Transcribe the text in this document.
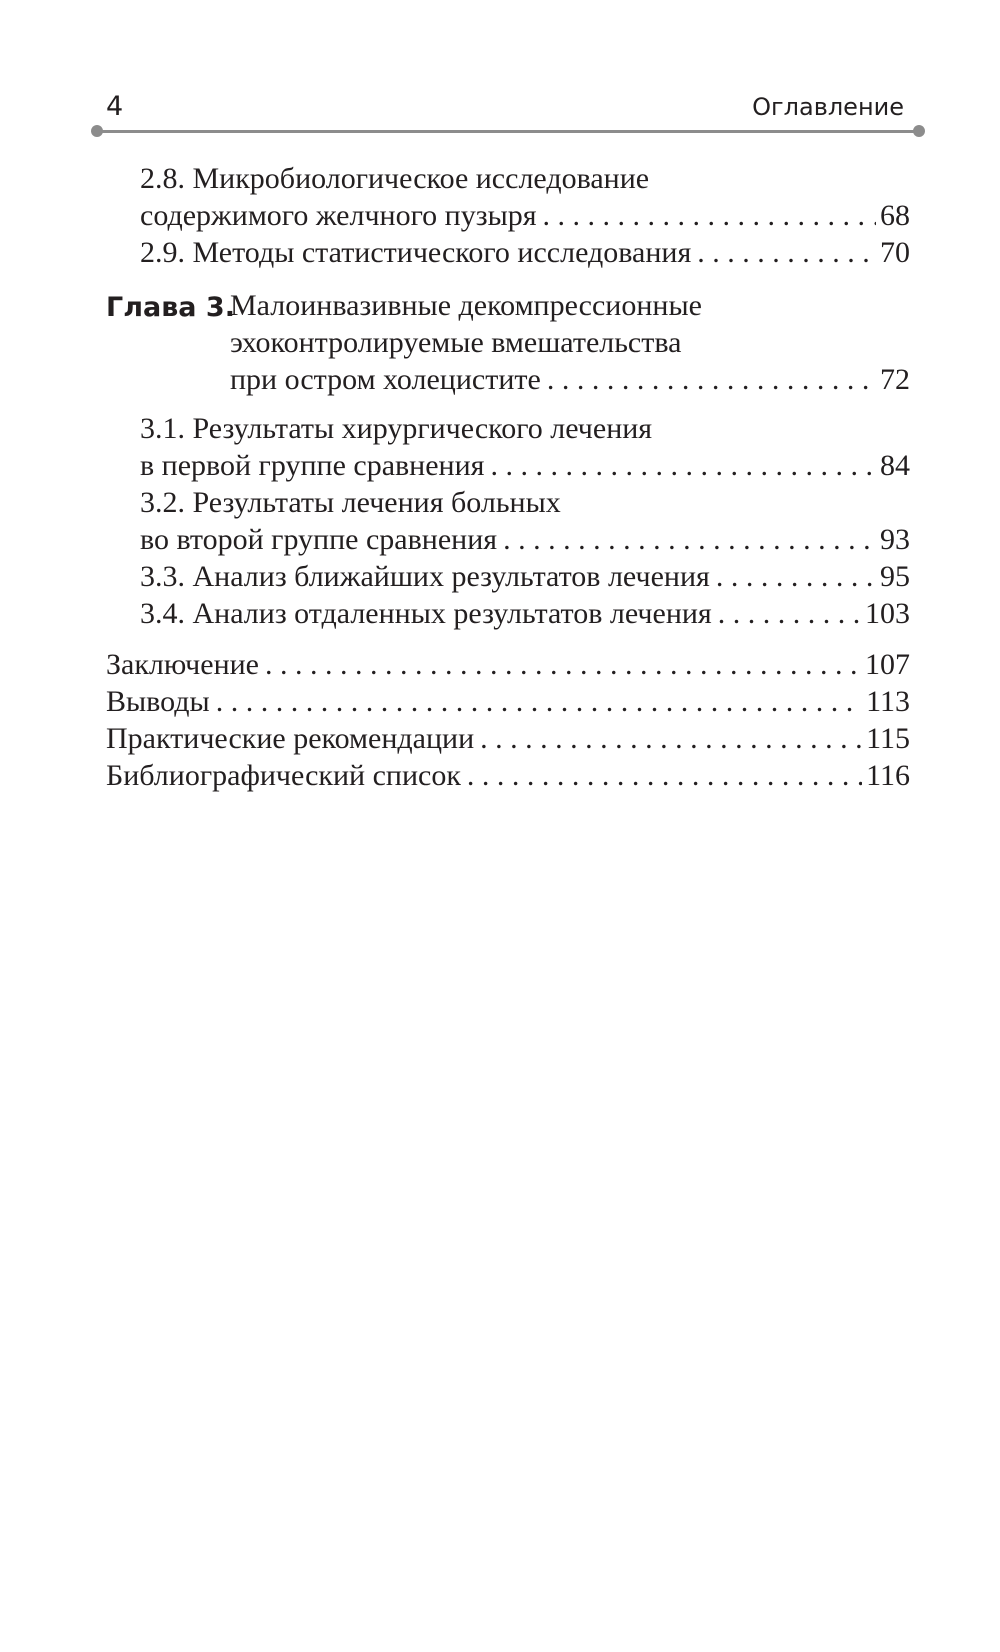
4	Оглавление
2.8. Микробиологическое исследование
содержимого желчного пузыря . . .	68
2.9. Методы статистического исследования . . .	70
Глава 3.
Малоинвазивные декомпрессионные
эхоконтролируемые вмешательства
при остром холецистите . . .	72
3.1. Результаты хирургического лечения
в первой группе сравнения . . .	84
3.2. Результаты лечения больных
во второй группе сравнения . . .	93
3.3. Анализ ближайших результатов лечения . . .	95
3.4. Анализ отдаленных результатов лечения . . .	103
Заключение . . .	107
Выводы . . .	113
Практические рекомендации . . .	115
Библиографический список . . .	116
